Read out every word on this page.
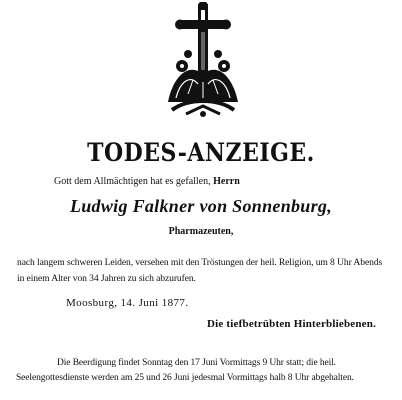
TODES-ANZEIGE.
Gott dem Allmächtigen hat es gefallen, Herrn
Ludwig Falkner von Sonnenburg,
Pharmazeuten,
nach langem schweren Leiden, versehen mit den Tröstungen der heil. Religion, um 8 Uhr Abends
in einem Alter von 34 Jahren zu sich abzurufen.
Moosburg, 14. Juni 1877.
Die tiefbetrübten Hinterbliebenen.
Die Beerdigung findet Sonntag den 17 Juni Vormittags 9 Uhr statt; die heil.
Seelengottesdienste werden am 25 und 26 Juni jedesmal Vormittags halb 8 Uhr abgehalten.
